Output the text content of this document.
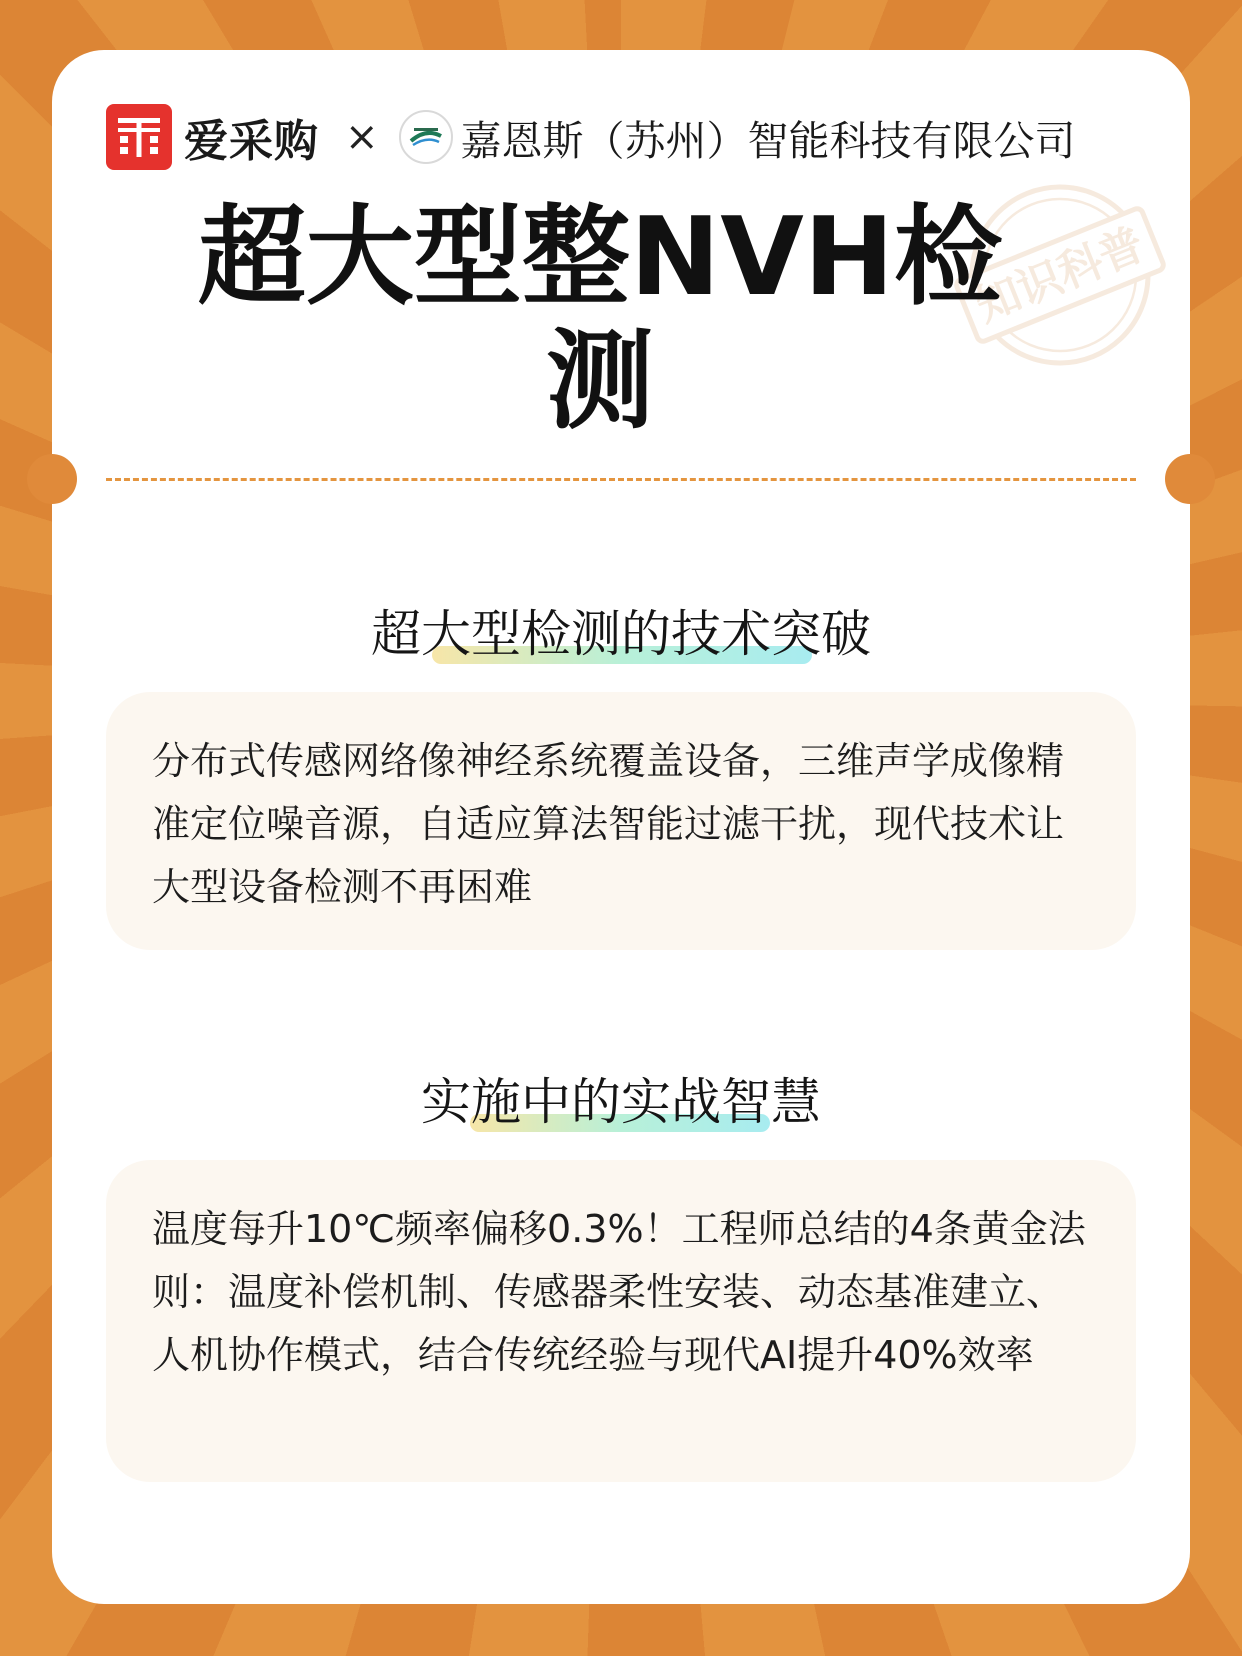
爱采购 × 嘉恩斯（苏州）智能科技有限公司
知识科普
超大型整NVH检测
超大型检测的技术突破

分布式传感网络像神经系统覆盖设备，三维声学成像精准定位噪音源，自适应算法智能过滤干扰，现代技术让大型设备检测不再困难

实施中的实战智慧

温度每升10℃频率偏移0.3%！工程师总结的4条黄金法则：温度补偿机制、传感器柔性安装、动态基准建立、人机协作模式，结合传统经验与现代AI提升40%效率
